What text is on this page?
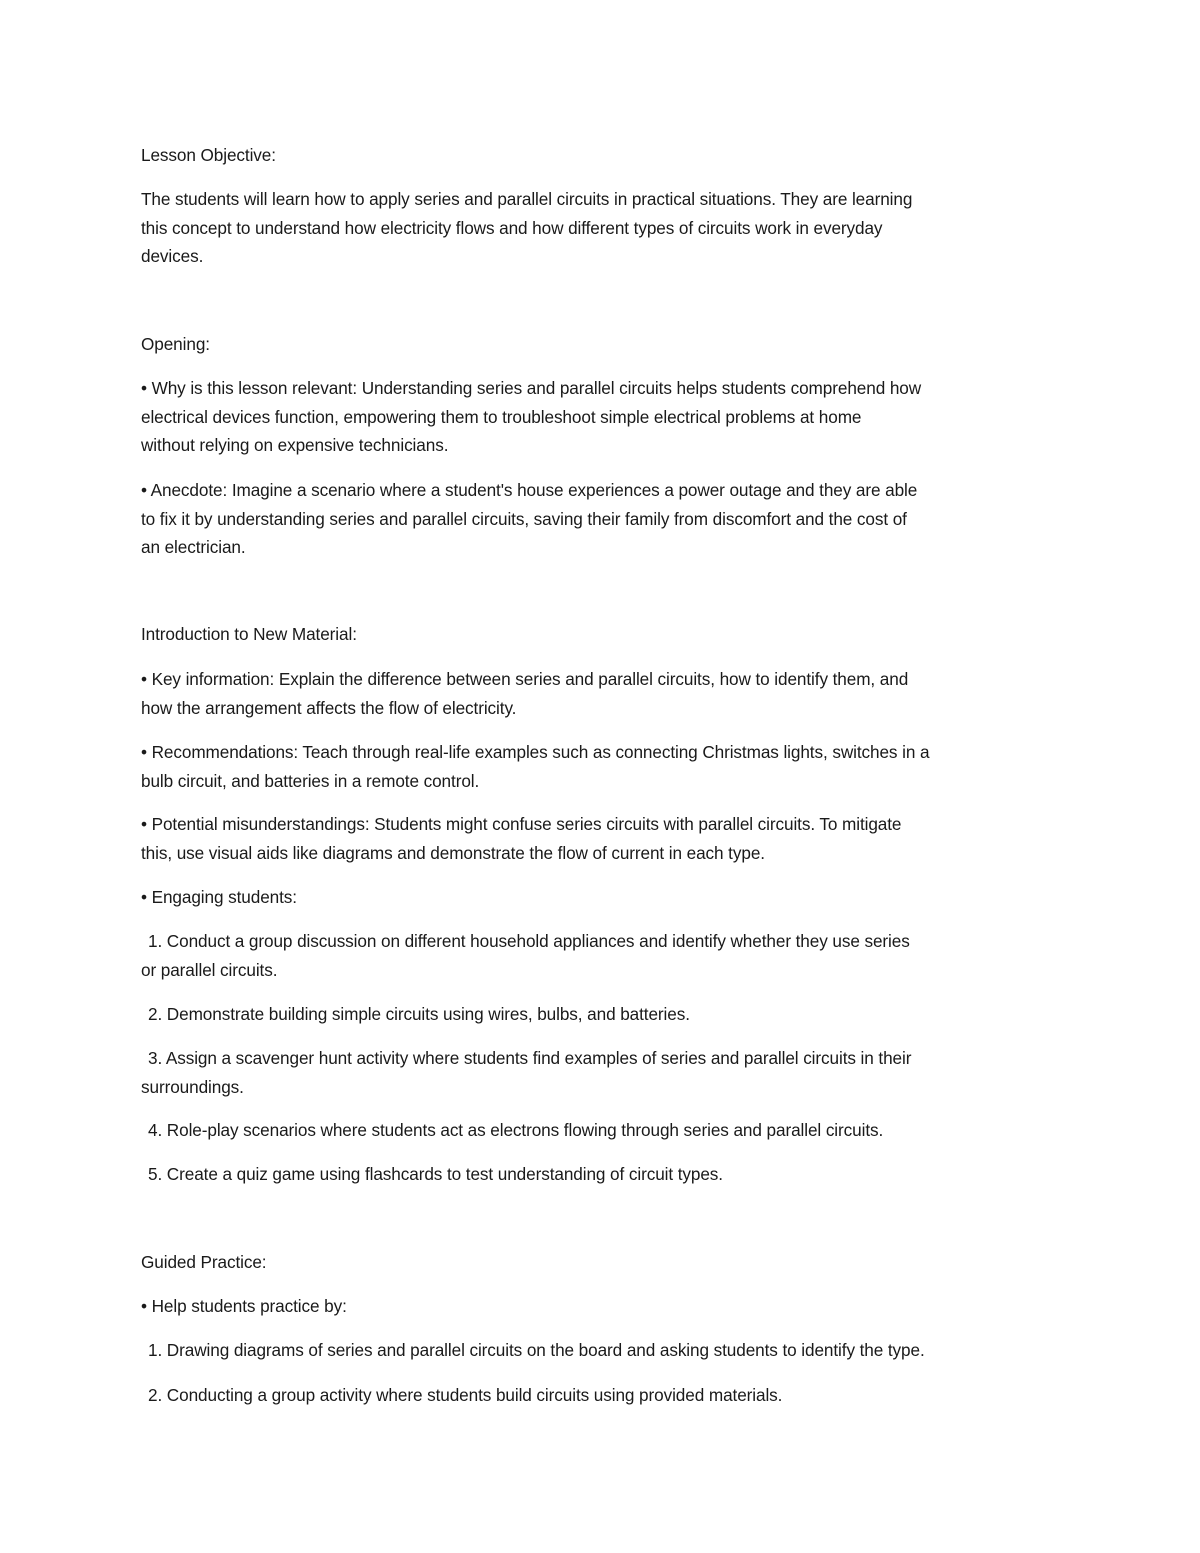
Lesson Objective:
The students will learn how to apply series and parallel circuits in practical situations. They are learning
this concept to understand how electricity flows and how different types of circuits work in everyday
devices.
Opening:
• Why is this lesson relevant: Understanding series and parallel circuits helps students comprehend how
electrical devices function, empowering them to troubleshoot simple electrical problems at home
without relying on expensive technicians.
• Anecdote: Imagine a scenario where a student's house experiences a power outage and they are able
to fix it by understanding series and parallel circuits, saving their family from discomfort and the cost of
an electrician.
Introduction to New Material:
• Key information: Explain the difference between series and parallel circuits, how to identify them, and
how the arrangement affects the flow of electricity.
• Recommendations: Teach through real-life examples such as connecting Christmas lights, switches in a
bulb circuit, and batteries in a remote control.
• Potential misunderstandings: Students might confuse series circuits with parallel circuits. To mitigate
this, use visual aids like diagrams and demonstrate the flow of current in each type.
• Engaging students:
1. Conduct a group discussion on different household appliances and identify whether they use series
or parallel circuits.
2. Demonstrate building simple circuits using wires, bulbs, and batteries.
3. Assign a scavenger hunt activity where students find examples of series and parallel circuits in their
surroundings.
4. Role-play scenarios where students act as electrons flowing through series and parallel circuits.
5. Create a quiz game using flashcards to test understanding of circuit types.
Guided Practice:
• Help students practice by:
1. Drawing diagrams of series and parallel circuits on the board and asking students to identify the type.
2. Conducting a group activity where students build circuits using provided materials.
